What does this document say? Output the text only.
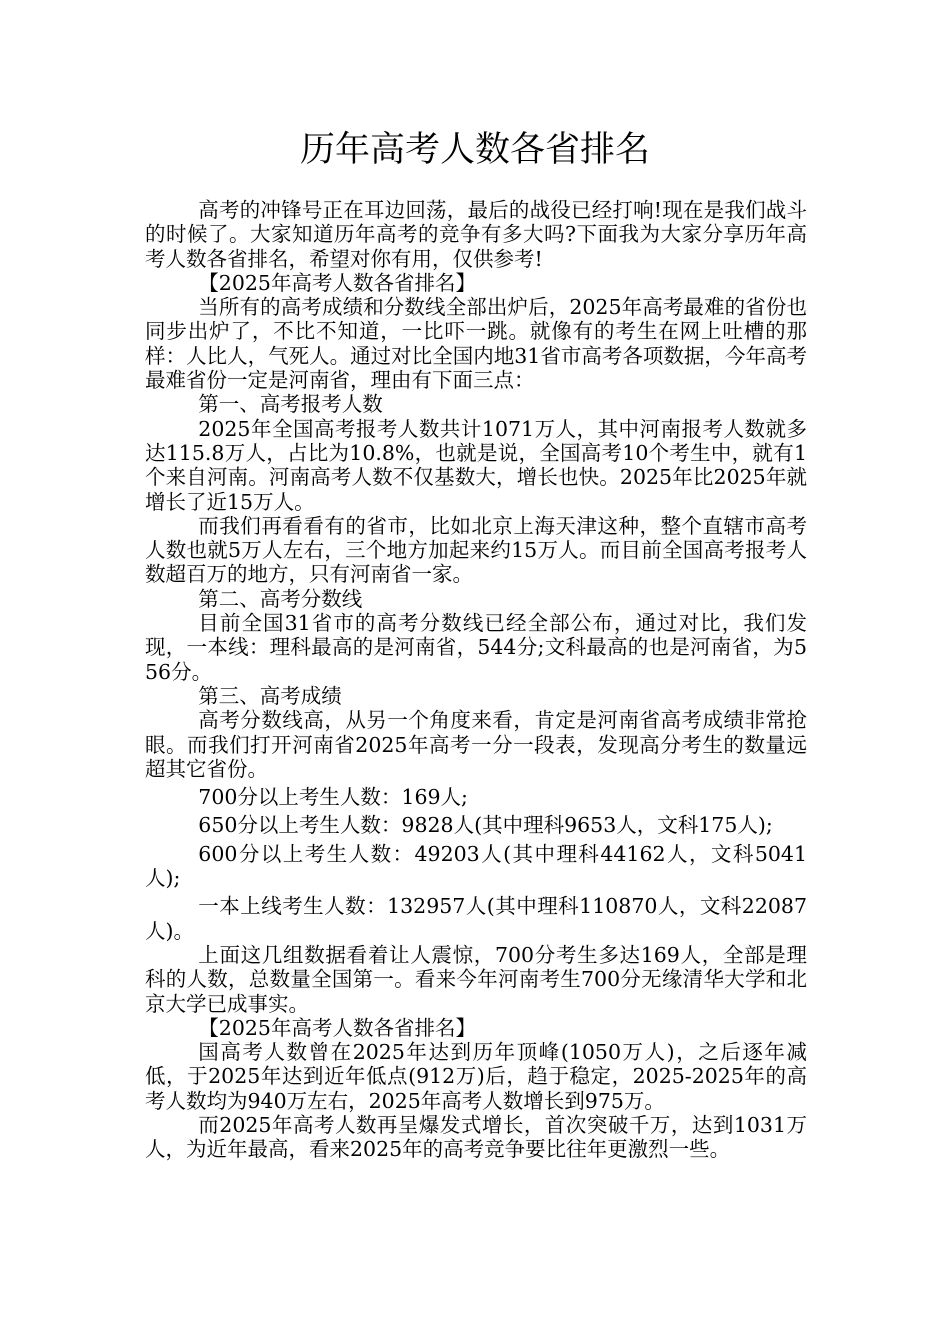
历年高考人数各省排名

高考的冲锋号正在耳边回荡，最后的战役已经打响!现在是我们战斗的时候了。大家知道历年高考的竞争有多大吗?下面我为大家分享历年高考人数各省排名，希望对你有用，仅供参考!

【2025年高考人数各省排名】

当所有的高考成绩和分数线全部出炉后，2025年高考最难的省份也同步出炉了，不比不知道，一比吓一跳。就像有的考生在网上吐槽的那样：人比人，气死人。通过对比全国内地31省市高考各项数据，今年高考最难省份一定是河南省，理由有下面三点：

第一、高考报考人数

2025年全国高考报考人数共计1071万人，其中河南报考人数就多达115.8万人，占比为10.8%，也就是说，全国高考10个考生中，就有1个来自河南。河南高考人数不仅基数大，增长也快。2025年比2025年就增长了近15万人。

而我们再看看有的省市，比如北京上海天津这种，整个直辖市高考人数也就5万人左右，三个地方加起来约15万人。而目前全国高考报考人数超百万的地方，只有河南省一家。

第二、高考分数线

目前全国31省市的高考分数线已经全部公布，通过对比，我们发现，一本线：理科最高的是河南省，544分;文科最高的也是河南省，为556分。

第三、高考成绩

高考分数线高，从另一个角度来看，肯定是河南省高考成绩非常抢眼。而我们打开河南省2025年高考一分一段表，发现高分考生的数量远超其它省份。

700分以上考生人数：169人;

650分以上考生人数：9828人(其中理科9653人，文科175人);

600分以上考生人数：49203人(其中理科44162人，文科5041人);

一本上线考生人数：132957人(其中理科110870人，文科22087人)。

上面这几组数据看着让人震惊，700分考生多达169人，全部是理科的人数，总数量全国第一。看来今年河南考生700分无缘清华大学和北京大学已成事实。

【2025年高考人数各省排名】

国高考人数曾在2025年达到历年顶峰(1050万人)，之后逐年减低，于2025年达到近年低点(912万)后，趋于稳定，2025-2025年的高考人数均为940万左右，2025年高考人数增长到975万。

而2025年高考人数再呈爆发式增长，首次突破千万，达到1031万人，为近年最高，看来2025年的高考竞争要比往年更激烈一些。
